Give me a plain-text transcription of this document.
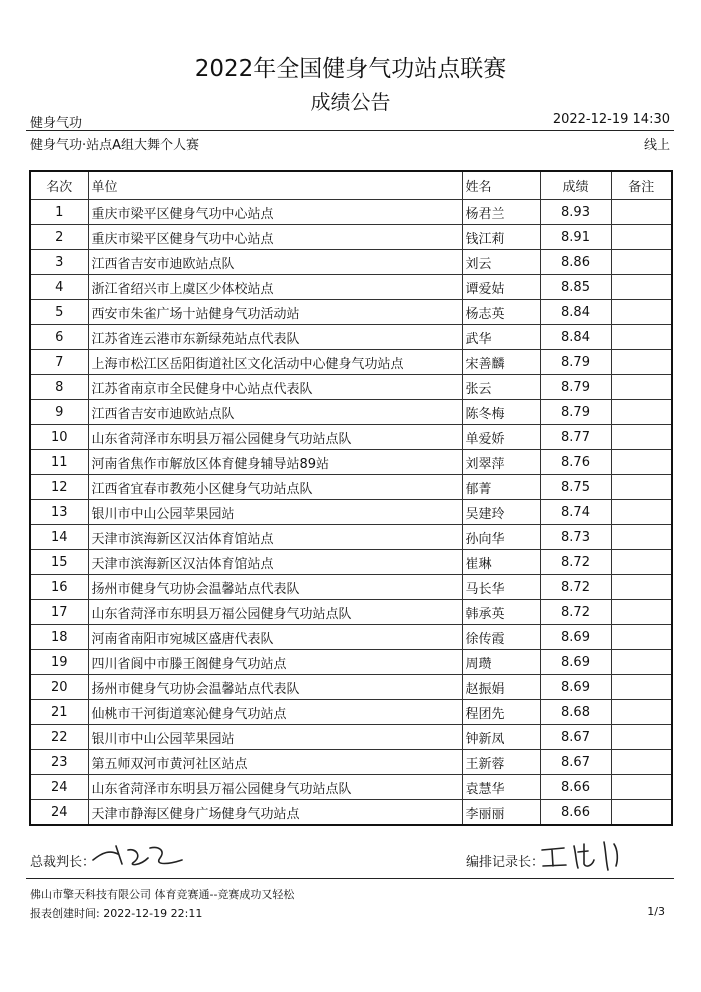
2022年全国健身气功站点联赛
成绩公告
健身气功	2022-12-19 14:30
健身气功·站点A组大舞个人赛	线上
名次	单位	姓名	成绩	备注
1	重庆市梁平区健身气功中心站点	杨君兰	8.93	
2	重庆市梁平区健身气功中心站点	钱江莉	8.91	
3	江西省吉安市迪欧站点队	刘云	8.86	
4	浙江省绍兴市上虞区少体校站点	谭爱姑	8.85	
5	西安市朱雀广场十站健身气功活动站	杨志英	8.84	
6	江苏省连云港市东新绿苑站点代表队	武华	8.84	
7	上海市松江区岳阳街道社区文化活动中心健身气功站点	宋善麟	8.79	
8	江苏省南京市全民健身中心站点代表队	张云	8.79	
9	江西省吉安市迪欧站点队	陈冬梅	8.79	
10	山东省菏泽市东明县万福公园健身气功站点队	单爱娇	8.77	
11	河南省焦作市解放区体育健身辅导站89站	刘翠萍	8.76	
12	江西省宜春市教苑小区健身气功站点队	郁菁	8.75	
13	银川市中山公园苹果园站	吴建玲	8.74	
14	天津市滨海新区汉沽体育馆站点	孙向华	8.73	
15	天津市滨海新区汉沽体育馆站点	崔琳	8.72	
16	扬州市健身气功协会温馨站点代表队	马长华	8.72	
17	山东省菏泽市东明县万福公园健身气功站点队	韩承英	8.72	
18	河南省南阳市宛城区盛唐代表队	徐传霞	8.69	
19	四川省阆中市滕王阁健身气功站点	周瓒	8.69	
20	扬州市健身气功协会温馨站点代表队	赵振娟	8.69	
21	仙桃市干河街道寒沁健身气功站点	程团先	8.68	
22	银川市中山公园苹果园站	钟新凤	8.67	
23	第五师双河市黄河社区站点	王新蓉	8.67	
24	山东省菏泽市东明县万福公园健身气功站点队	袁慧华	8.66	
24	天津市静海区健身广场健身气功站点	李丽丽	8.66	
总裁判长：	编排记录长：
佛山市擎天科技有限公司 体育竞赛通--竞赛成功又轻松
报表创建时间: 2022-12-19 22:11	1/3
